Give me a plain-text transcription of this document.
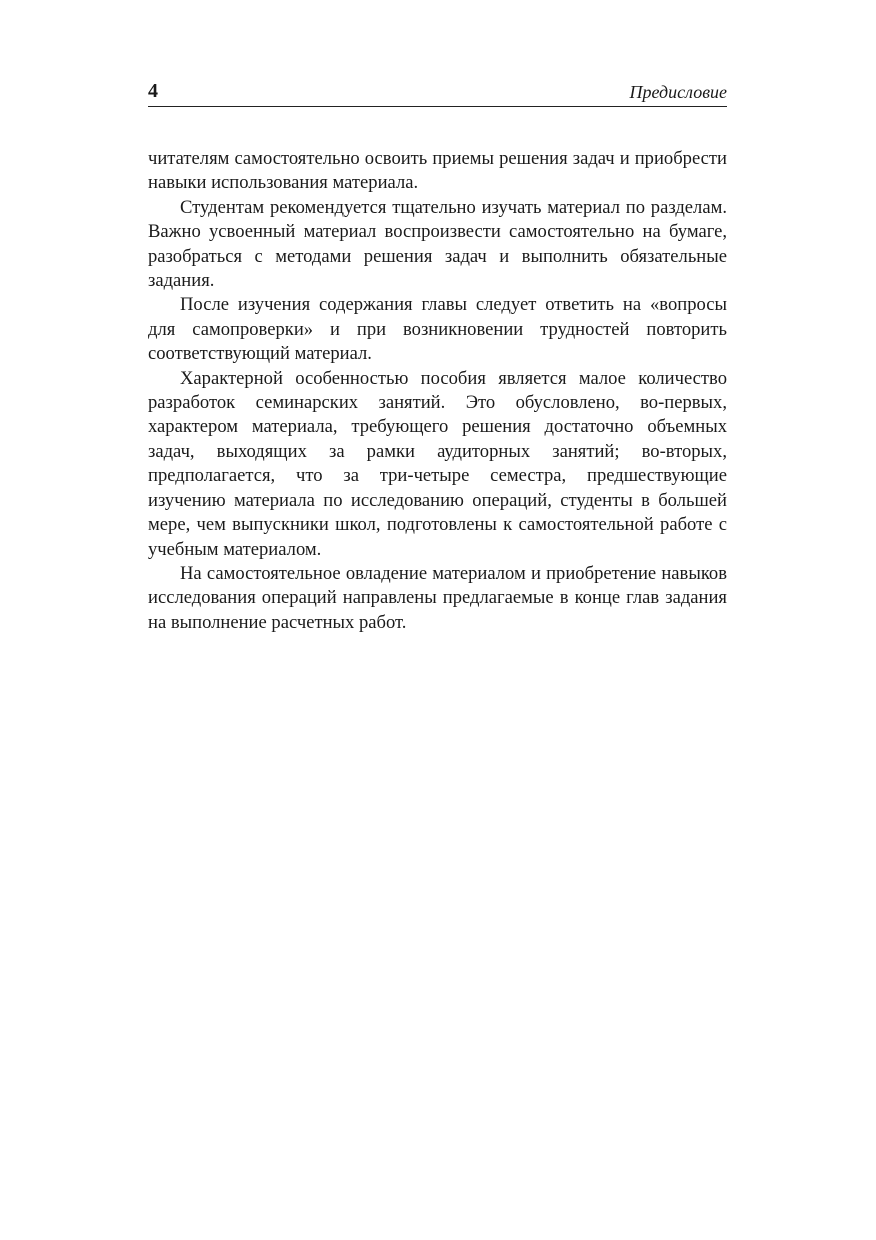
4	Предисловие

читателям самостоятельно освоить приемы решения задач и приобрести навыки использования материала.

Студентам рекомендуется тщательно изучать материал по разделам. Важно усвоенный материал воспроизвести самостоятельно на бумаге, разобраться с методами решения задач и выполнить обязательные задания.

После изучения содержания главы следует ответить на «вопросы для самопроверки» и при возникновении трудностей повторить соответствующий материал.

Характерной особенностью пособия является малое количество разработок семинарских занятий. Это обусловлено, во-первых, характером материала, требующего решения достаточно объемных задач, выходящих за рамки аудиторных занятий; во-вторых, предполагается, что за три-четыре семестра, предшествующие изучению материала по исследованию операций, студенты в большей мере, чем выпускники школ, подготовлены к самостоятельной работе с учебным материалом.

На самостоятельное овладение материалом и приобретение навыков исследования операций направлены предлагаемые в конце глав задания на выполнение расчетных работ.
